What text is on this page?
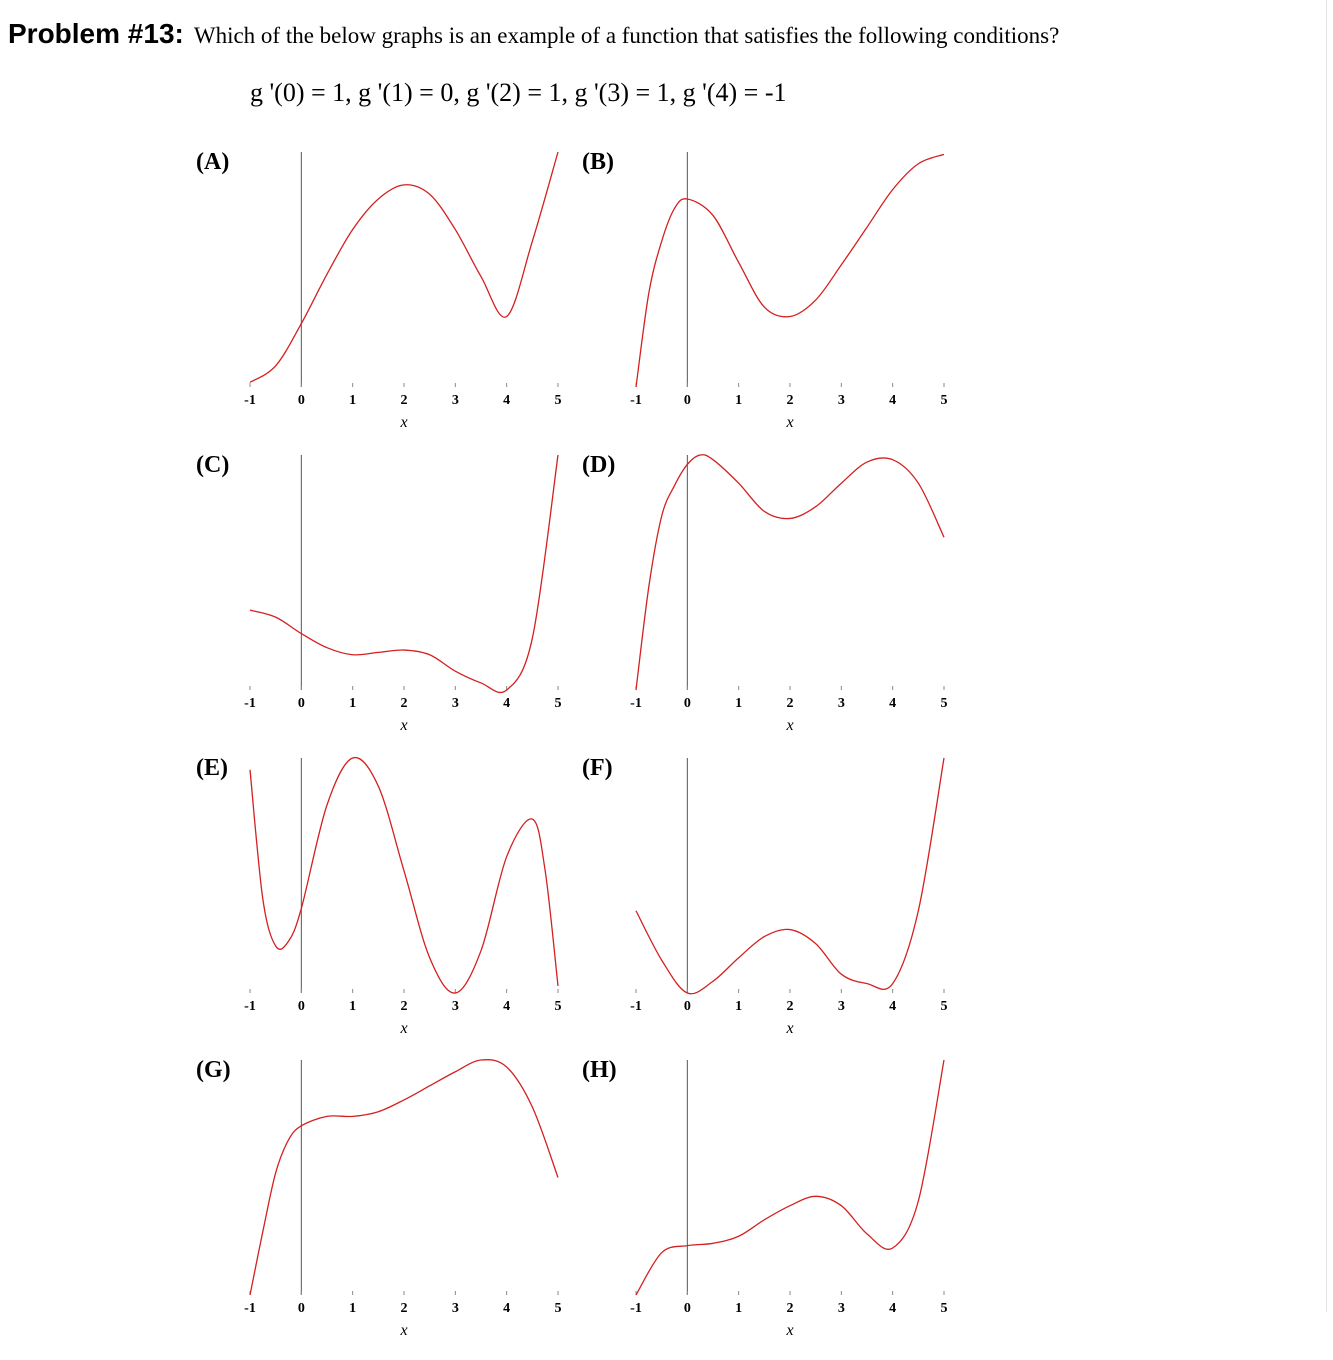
Problem #13: Which of the below graphs is an example of a function that satisfies the following conditions?
g '(0) = 1, g '(1) = 0, g '(2) = 1, g '(3) = 1, g '(4) = -1
(A)
-1	0	1	2	3	4	5
x
(B)
-1	0	1	2	3	4	5
x
(C)
-1	0	1	2	3	4	5
x
(D)
-1	0	1	2	3	4	5
x
(E)
-1	0	1	2	3	4	5
x
(F)
-1	0	1	2	3	4	5
x
(G)
-1	0	1	2	3	4	5
x
(H)
-1	0	1	2	3	4	5
x
